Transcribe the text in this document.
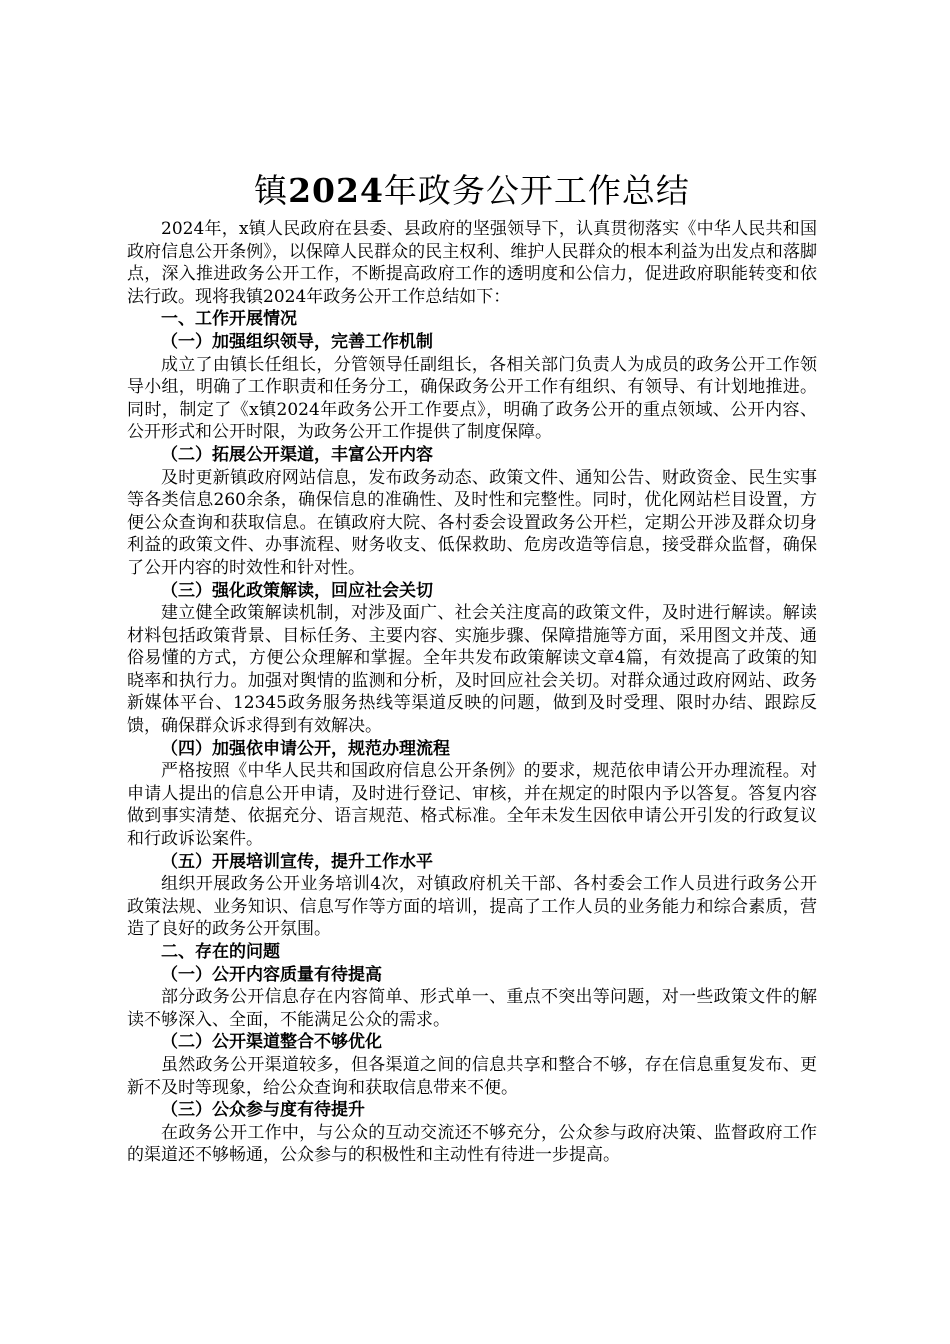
镇2024年政务公开工作总结

2024年，x镇人民政府在县委、县政府的坚强领导下，认真贯彻落实《中华人民共和国政府信息公开条例》，以保障人民群众的民主权利、维护人民群众的根本利益为出发点和落脚点，深入推进政务公开工作，不断提高政府工作的透明度和公信力，促进政府职能转变和依法行政。现将我镇2024年政务公开工作总结如下：

一、工作开展情况

（一）加强组织领导，完善工作机制

成立了由镇长任组长，分管领导任副组长，各相关部门负责人为成员的政务公开工作领导小组，明确了工作职责和任务分工，确保政务公开工作有组织、有领导、有计划地推进。同时，制定了《x镇2024年政务公开工作要点》，明确了政务公开的重点领域、公开内容、公开形式和公开时限，为政务公开工作提供了制度保障。

（二）拓展公开渠道，丰富公开内容

及时更新镇政府网站信息，发布政务动态、政策文件、通知公告、财政资金、民生实事等各类信息260余条，确保信息的准确性、及时性和完整性。同时，优化网站栏目设置，方便公众查询和获取信息。在镇政府大院、各村委会设置政务公开栏，定期公开涉及群众切身利益的政策文件、办事流程、财务收支、低保救助、危房改造等信息，接受群众监督，确保了公开内容的时效性和针对性。

（三）强化政策解读，回应社会关切

建立健全政策解读机制，对涉及面广、社会关注度高的政策文件，及时进行解读。解读材料包括政策背景、目标任务、主要内容、实施步骤、保障措施等方面，采用图文并茂、通俗易懂的方式，方便公众理解和掌握。全年共发布政策解读文章4篇，有效提高了政策的知晓率和执行力。加强对舆情的监测和分析，及时回应社会关切。对群众通过政府网站、政务新媒体平台、12345政务服务热线等渠道反映的问题，做到及时受理、限时办结、跟踪反馈，确保群众诉求得到有效解决。

（四）加强依申请公开，规范办理流程

严格按照《中华人民共和国政府信息公开条例》的要求，规范依申请公开办理流程。对申请人提出的信息公开申请，及时进行登记、审核，并在规定的时限内予以答复。答复内容做到事实清楚、依据充分、语言规范、格式标准。全年未发生因依申请公开引发的行政复议和行政诉讼案件。

（五）开展培训宣传，提升工作水平

组织开展政务公开业务培训4次，对镇政府机关干部、各村委会工作人员进行政务公开政策法规、业务知识、信息写作等方面的培训，提高了工作人员的业务能力和综合素质，营造了良好的政务公开氛围。

二、存在的问题

（一）公开内容质量有待提高

部分政务公开信息存在内容简单、形式单一、重点不突出等问题，对一些政策文件的解读不够深入、全面，不能满足公众的需求。

（二）公开渠道整合不够优化

虽然政务公开渠道较多，但各渠道之间的信息共享和整合不够，存在信息重复发布、更新不及时等现象，给公众查询和获取信息带来不便。

（三）公众参与度有待提升

在政务公开工作中，与公众的互动交流还不够充分，公众参与政府决策、监督政府工作的渠道还不够畅通，公众参与的积极性和主动性有待进一步提高。
